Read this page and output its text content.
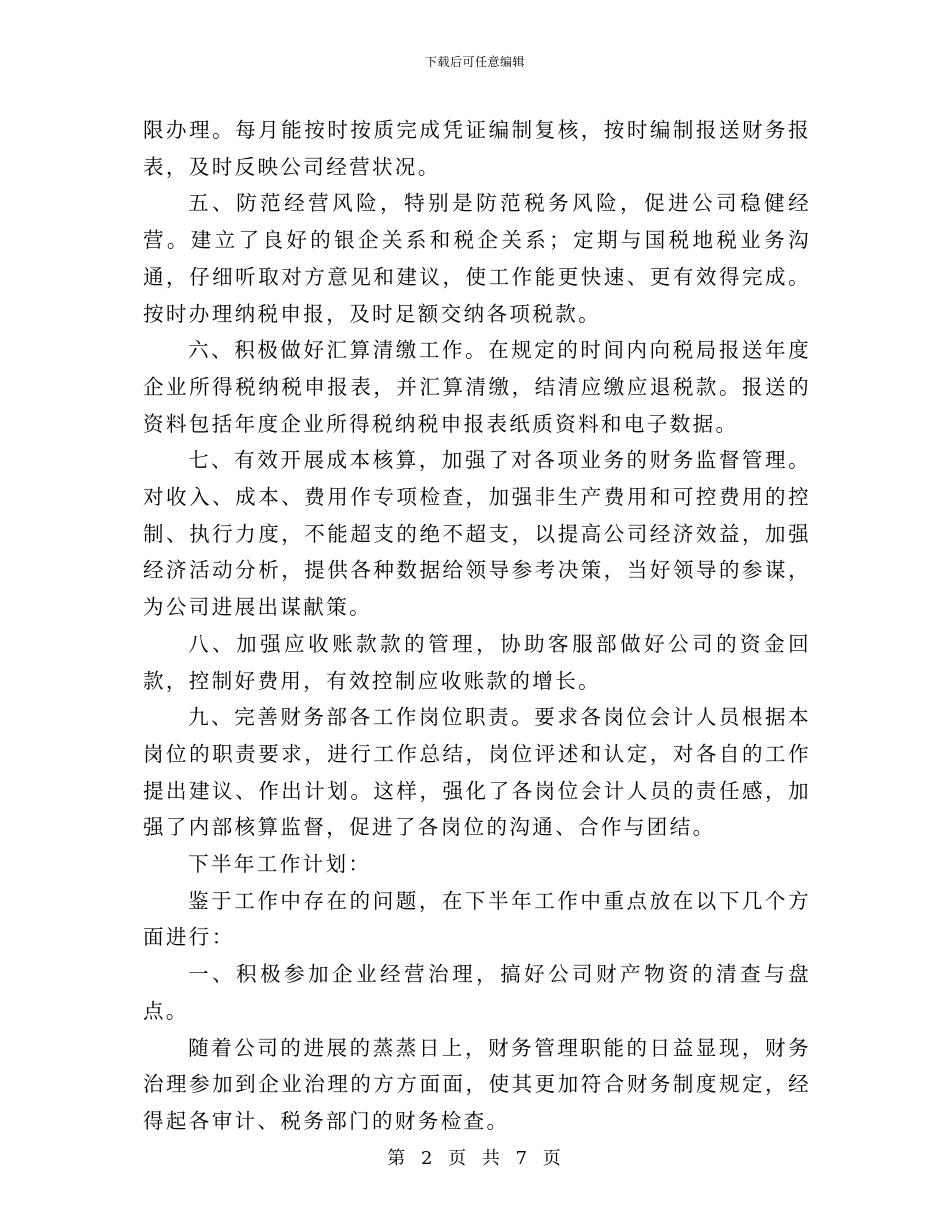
下载后可任意编辑

限办理。每月能按时按质完成凭证编制复核，按时编制报送财务报表，及时反映公司经营状况。

五、防范经营风险，特别是防范税务风险，促进公司稳健经营。建立了良好的银企关系和税企关系；定期与国税地税业务沟通，仔细听取对方意见和建议，使工作能更快速、更有效得完成。按时办理纳税申报，及时足额交纳各项税款。

六、积极做好汇算清缴工作。在规定的时间内向税局报送年度企业所得税纳税申报表，并汇算清缴，结清应缴应退税款。报送的资料包括年度企业所得税纳税申报表纸质资料和电子数据。

七、有效开展成本核算，加强了对各项业务的财务监督管理。对收入、成本、费用作专项检查，加强非生产费用和可控费用的控制、执行力度，不能超支的绝不超支，以提高公司经济效益，加强经济活动分析，提供各种数据给领导参考决策，当好领导的参谋，为公司进展出谋献策。

八、加强应收账款款的管理，协助客服部做好公司的资金回款，控制好费用，有效控制应收账款的增长。

九、完善财务部各工作岗位职责。要求各岗位会计人员根据本岗位的职责要求，进行工作总结，岗位评述和认定，对各自的工作提出建议、作出计划。这样，强化了各岗位会计人员的责任感，加强了内部核算监督，促进了各岗位的沟通、合作与团结。

下半年工作计划：

鉴于工作中存在的问题，在下半年工作中重点放在以下几个方面进行：

一、积极参加企业经营治理，搞好公司财产物资的清查与盘点。

随着公司的进展的蒸蒸日上，财务管理职能的日益显现，财务治理参加到企业治理的方方面面，使其更加符合财务制度规定，经得起各审计、税务部门的财务检查。

第 2 页 共 7 页
